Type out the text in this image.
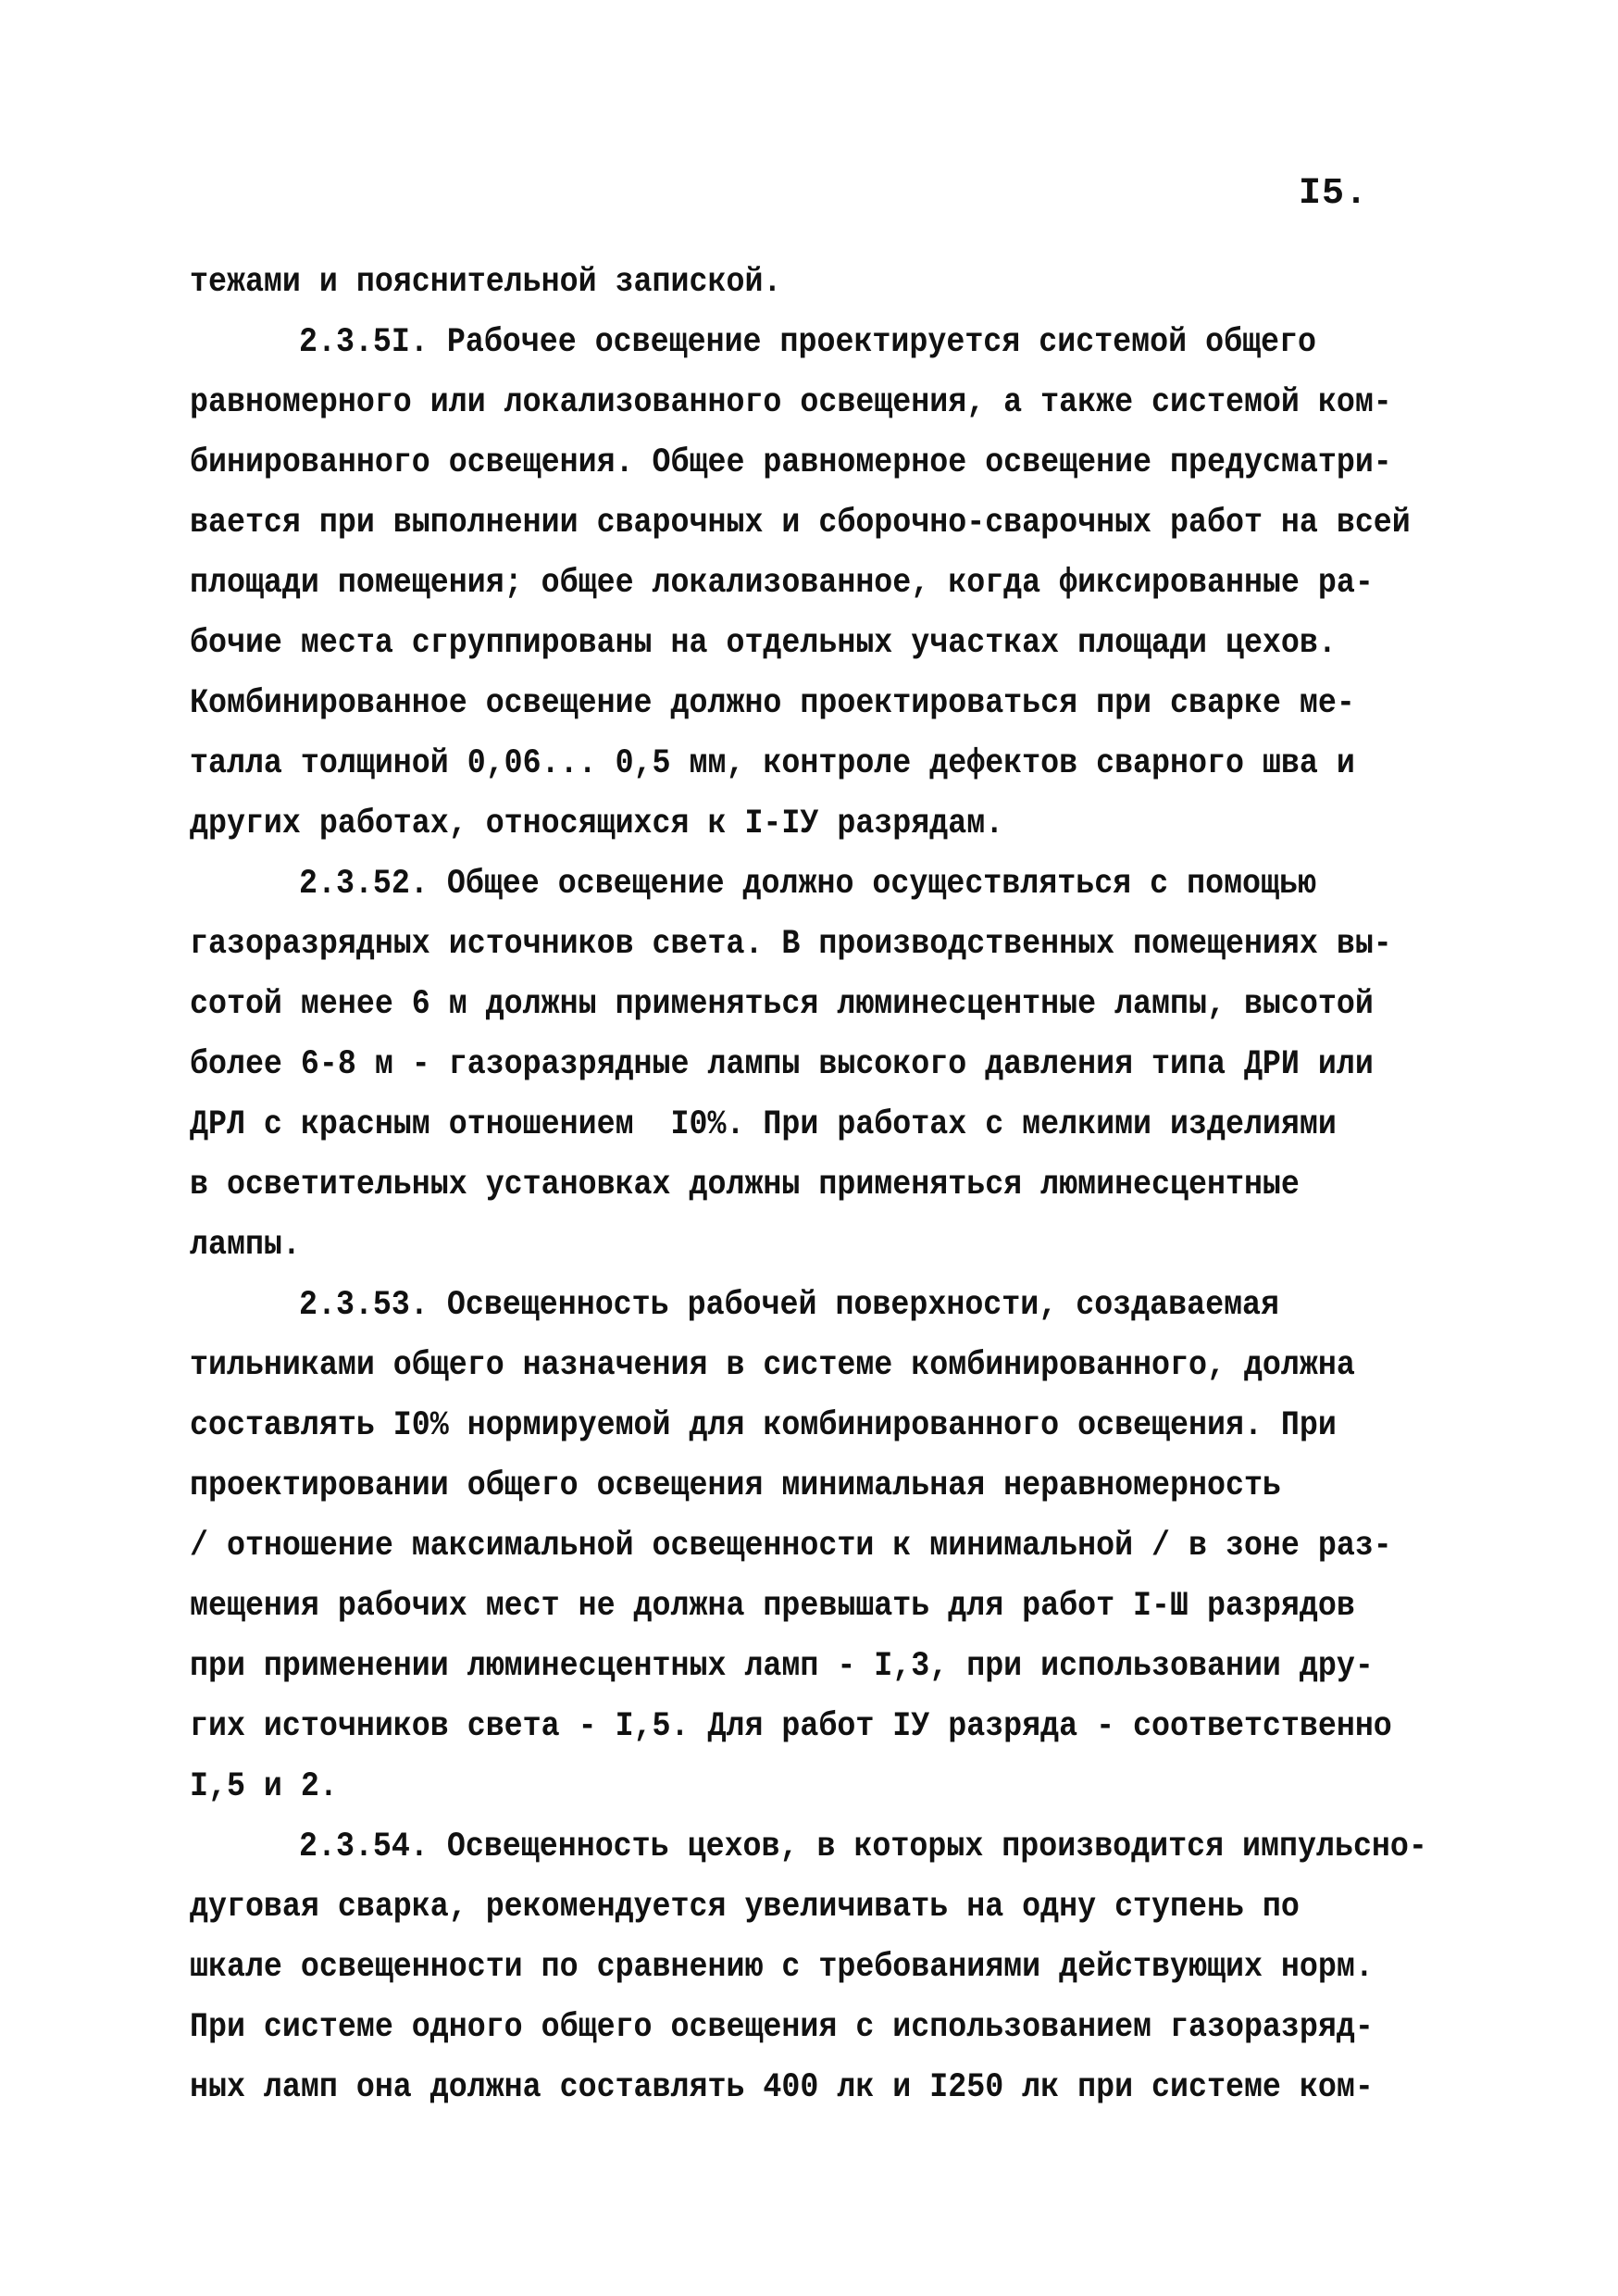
I5.
тежами и пояснительной запиской.
2.3.5I. Рабочее освещение проектируется системой общего
равномерного или локализованного освещения, а также системой ком-
бинированного освещения. Общее равномерное освещение предусматри-
вается при выполнении сварочных и сборочно-сварочных работ на всей
площади помещения; общее локализованное, когда фиксированные ра-
бочие места сгруппированы на отдельных участках площади цехов.
Комбинированное освещение должно проектироваться при сварке ме-
талла толщиной 0,06... 0,5 мм, контроле дефектов сварного шва и
других работах, относящихся к I-IУ разрядам.
2.3.52. Общее освещение должно осуществляться с помощью
газоразрядных источников света. В производственных помещениях вы-
сотой менее 6 м должны применяться люминесцентные лампы, высотой
более 6-8 м - газоразрядные лампы высокого давления типа ДРИ или
ДРЛ с красным отношением  I0%. При работах с мелкими изделиями
в осветительных установках должны применяться люминесцентные
лампы.
2.3.53. Освещенность рабочей поверхности, создаваемая
тильниками общего назначения в системе комбинированного, должна
составлять I0% нормируемой для комбинированного освещения. При
проектировании общего освещения минимальная неравномерность
/ отношение максимальной освещенности к минимальной / в зоне раз-
мещения рабочих мест не должна превышать для работ I-Ш разрядов
при применении люминесцентных ламп - I,3, при использовании дру-
гих источников света - I,5. Для работ IУ разряда - соответственно
I,5 и 2.
2.3.54. Освещенность цехов, в которых производится импульсно-
дуговая сварка, рекомендуется увеличивать на одну ступень по
шкале освещенности по сравнению с требованиями действующих норм.
При системе одного общего освещения с использованием газоразряд-
ных ламп она должна составлять 400 лк и I250 лк при системе ком-
